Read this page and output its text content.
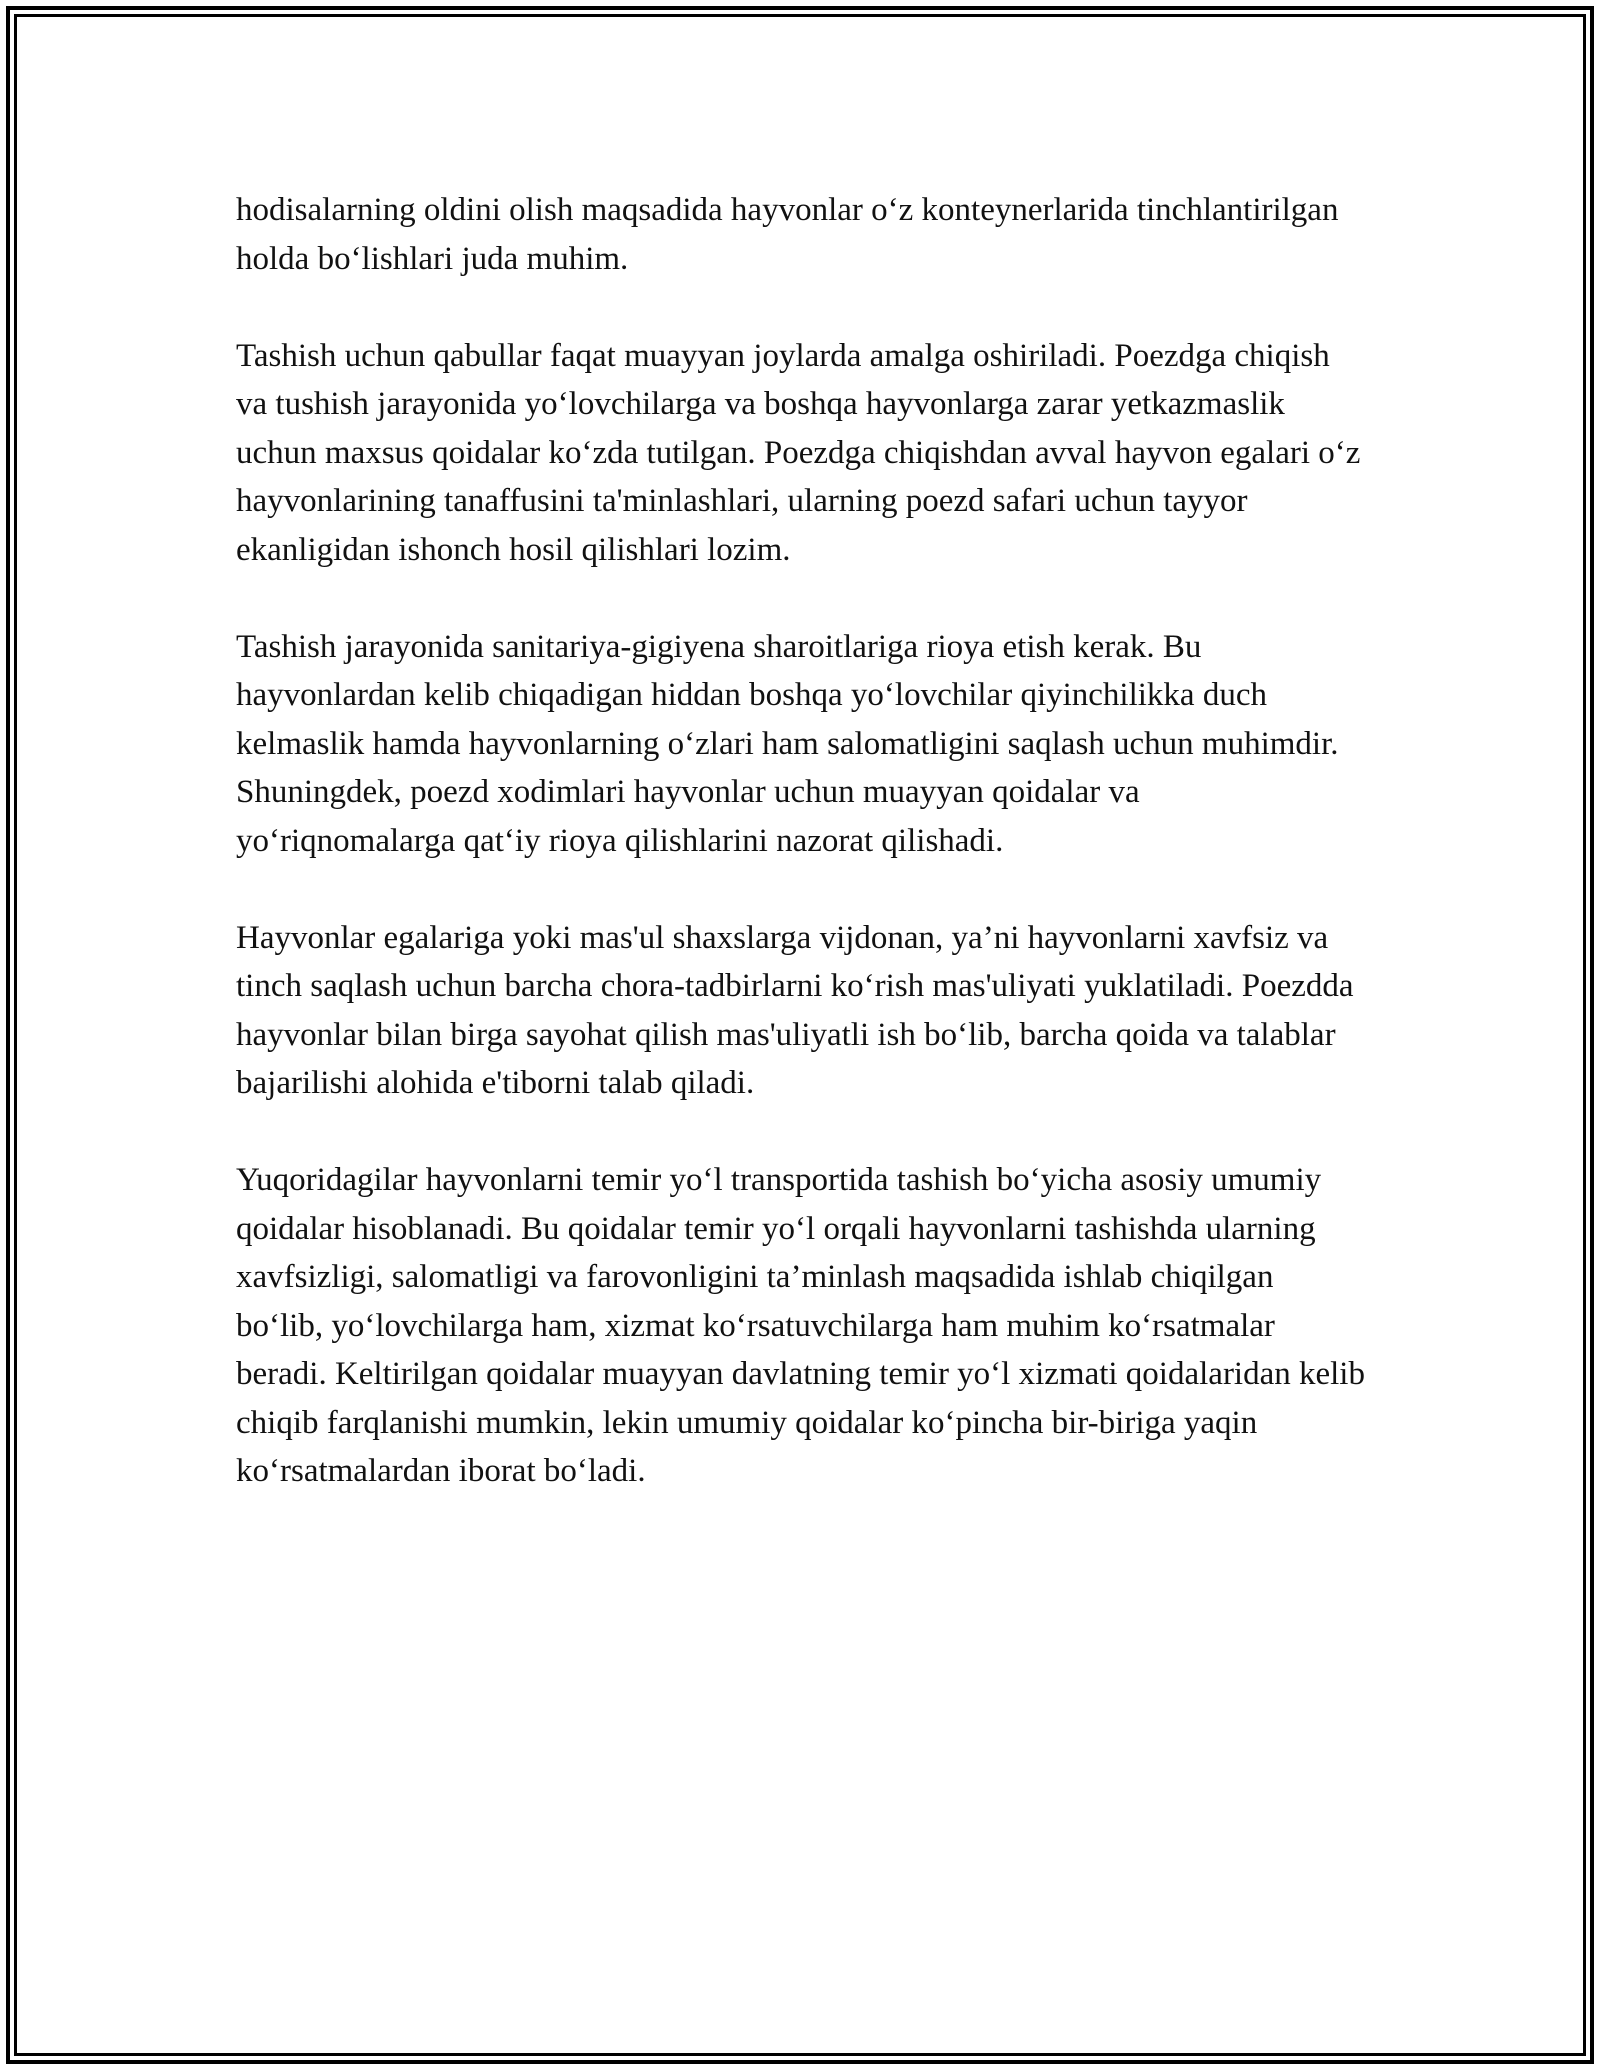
hodisalarning oldini olish maqsadida hayvonlar o‘z konteynerlarida tinchlantirilgan holda bo‘lishlari juda muhim.

Tashish uchun qabullar faqat muayyan joylarda amalga oshiriladi. Poezdga chiqish va tushish jarayonida yo‘lovchilarga va boshqa hayvonlarga zarar yetkazmaslik uchun maxsus qoidalar ko‘zda tutilgan. Poezdga chiqishdan avval hayvon egalari o‘z hayvonlarining tanaffusini ta'minlashlari, ularning poezd safari uchun tayyor ekanligidan ishonch hosil qilishlari lozim.

Tashish jarayonida sanitariya-gigiyena sharoitlariga rioya etish kerak. Bu hayvonlardan kelib chiqadigan hiddan boshqa yo‘lovchilar qiyinchilikka duch kelmaslik hamda hayvonlarning o‘zlari ham salomatligini saqlash uchun muhimdir. Shuningdek, poezd xodimlari hayvonlar uchun muayyan qoidalar va yo‘riqnomalarga qat‘iy rioya qilishlarini nazorat qilishadi.

Hayvonlar egalariga yoki mas'ul shaxslarga vijdonan, ya’ni hayvonlarni xavfsiz va tinch saqlash uchun barcha chora-tadbirlarni ko‘rish mas'uliyati yuklatiladi. Poezdda hayvonlar bilan birga sayohat qilish mas'uliyatli ish bo‘lib, barcha qoida va talablar bajarilishi alohida e'tiborni talab qiladi.

Yuqoridagilar hayvonlarni temir yo‘l transportida tashish bo‘yicha asosiy umumiy qoidalar hisoblanadi. Bu qoidalar temir yo‘l orqali hayvonlarni tashishda ularning xavfsizligi, salomatligi va farovonligini ta’minlash maqsadida ishlab chiqilgan bo‘lib, yo‘lovchilarga ham, xizmat ko‘rsatuvchilarga ham muhim ko‘rsatmalar beradi. Keltirilgan qoidalar muayyan davlatning temir yo‘l xizmati qoidalaridan kelib chiqib farqlanishi mumkin, lekin umumiy qoidalar ko‘pincha bir-biriga yaqin ko‘rsatmalardan iborat bo‘ladi.
